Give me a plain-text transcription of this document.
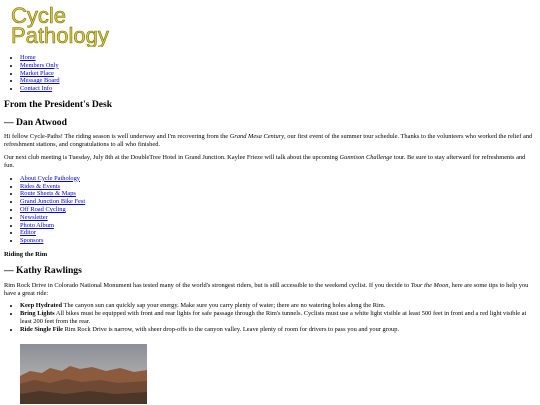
Cycle
Pathology
• Home
• Members Only
• Market Place
• Message Board
• Contact Info
From the President's Desk
— Dan Atwood

Hi fellow Cycle-Paths! The riding season is well underway and I'm recovering from the Grand Mesa Century, our first event of the summer tour schedule. Thanks to the volunteers who worked the relief and refreshment stations, and congratulations to all who finished.

Our next club meeting is Tuesday, July 8th at the DoubleTree Hotel in Grand Junction. Kaylee Frieze will talk about the upcoming Gunnison Challenge tour. Be sure to stay afterward for refreshments and fun.

• About Cycle Pathology
• Rides & Events
• Route Sheets & Maps
• Grand Junction Bike Fest
• Off Road Cycling
• Newsletter
• Photo Album
• Editor
• Sponsors
Riding the Rim
— Kathy Rawlings

Rim Rock Drive in Colorado National Monument has tested many of the world's strongest riders, but is still accessible to the weekend cyclist. If you decide to Tour the Moon, here are some tips to help you have a great ride:

• Keep Hydrated The canyon sun can quickly sap your energy. Make sure you carry plenty of water; there are no watering holes along the Rim.
• Bring Lights All bikes must be equipped with front and rear lights for safe passage through the Rim's tunnels. Cyclists must use a white light visible at least 500 feet in front and a red light visible at least 200 feet from the rear.
• Ride Single File Rim Rock Drive is narrow, with sheer drop-offs to the canyon valley. Leave plenty of room for drivers to pass you and your group.
